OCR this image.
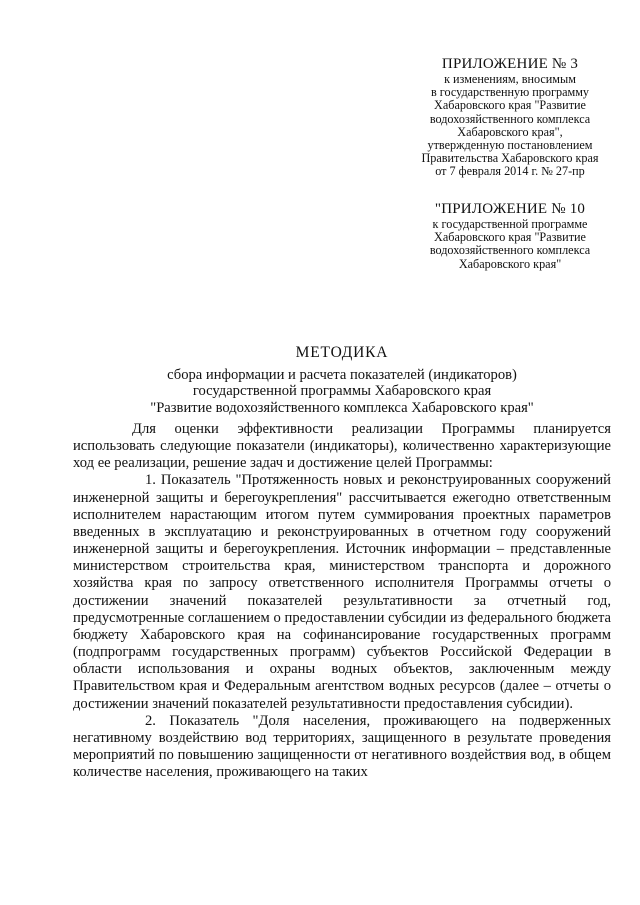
ПРИЛОЖЕНИЕ № 3
к изменениям, вносимым
в государственную программу
Хабаровского края "Развитие
водохозяйственного комплекса
Хабаровского края",
утвержденную постановлением
Правительства Хабаровского края
от 7 февраля 2014 г. № 27-пр
"ПРИЛОЖЕНИЕ № 10
к государственной программе
Хабаровского края "Развитие
водохозяйственного комплекса
Хабаровского края"
МЕТОДИКА
сбора информации и расчета показателей (индикаторов)
государственной программы Хабаровского края
"Развитие водохозяйственного комплекса Хабаровского края"

Для оценки эффективности реализации Программы планируется использовать следующие показатели (индикаторы), количественно характеризующие ход ее реализации, решение задач и достижение целей Программы:

1. Показатель "Протяженность новых и реконструированных сооружений инженерной защиты и берегоукрепления" рассчитывается ежегодно ответственным исполнителем нарастающим итогом путем суммирования проектных параметров введенных в эксплуатацию и реконструированных в отчетном году сооружений инженерной защиты и берегоукрепления. Источник информации – представленные министерством строительства края, министерством транспорта и дорожного хозяйства края по запросу ответственного исполнителя Программы отчеты о достижении значений показателей результативности за отчетный год, предусмотренные соглашением о предоставлении субсидии из федерального бюджета бюджету Хабаровского края на софинансирование государственных программ (подпрограмм государственных программ) субъектов Российской Федерации в области использования и охраны водных объектов, заключенным между Правительством края и Федеральным агентством водных ресурсов (далее – отчеты о достижении значений показателей результативности предоставления субсидии).

2. Показатель "Доля населения, проживающего на подверженных негативному воздействию вод территориях, защищенного в результате проведения мероприятий по повышению защищенности от негативного воздействия вод, в общем количестве населения, проживающего на таких
